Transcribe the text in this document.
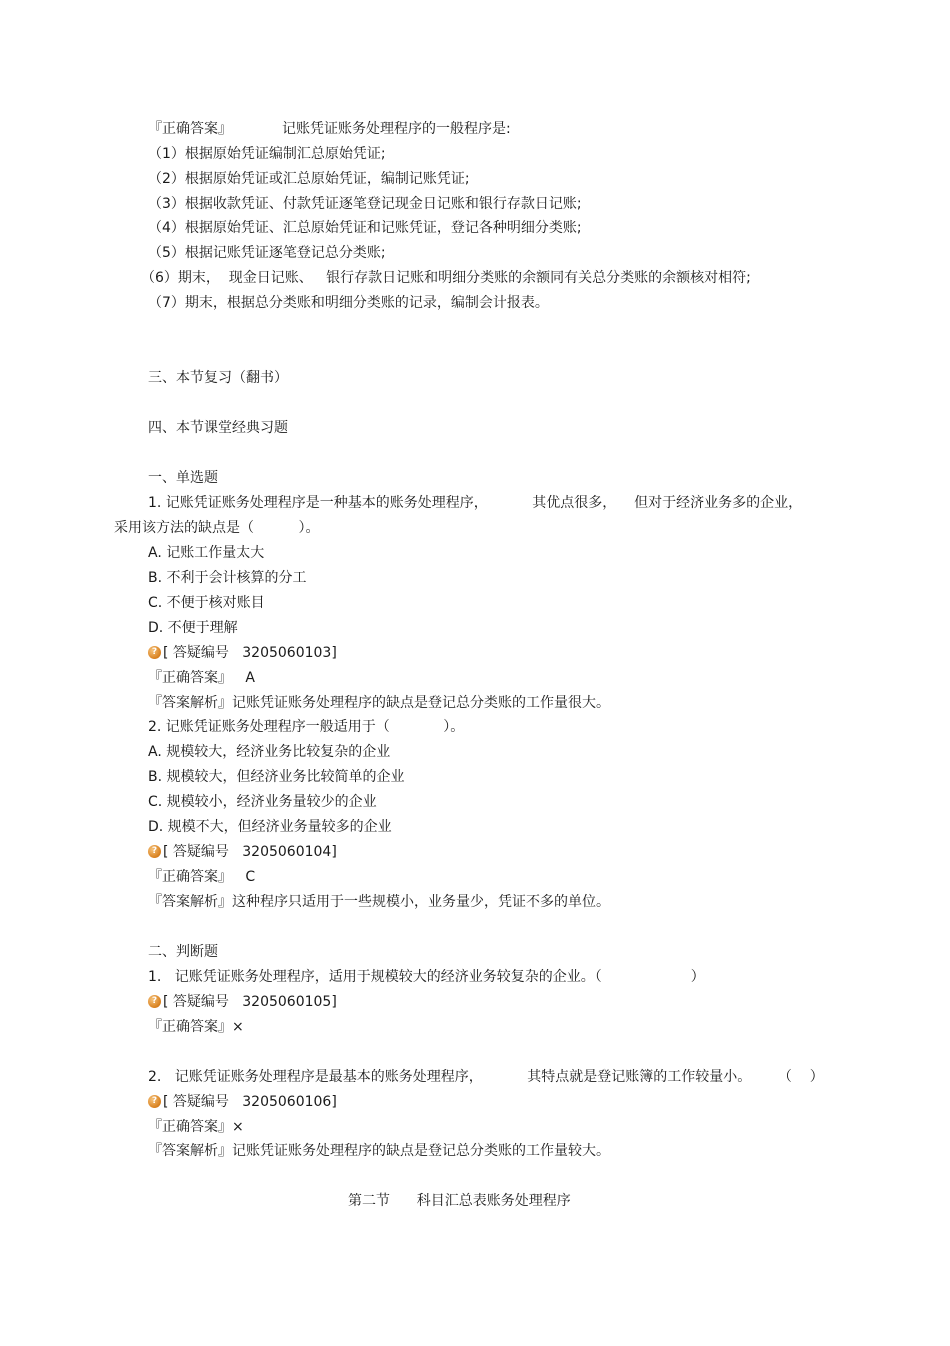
『正确答案』	记账凭证账务处理程序的一般程序是:
（1）根据原始凭证编制汇总原始凭证;
（2）根据原始凭证或汇总原始凭证，编制记账凭证;
（3）根据收款凭证、付款凭证逐笔登记现金日记账和银行存款日记账;
（4）根据原始凭证、汇总原始凭证和记账凭证，登记各种明细分类账;
（5）根据记账凭证逐笔登记总分类账;
（6）期末，  现金日记账、   银行存款日记账和明细分类账的余额同有关总分类账的余额核对相符;
（7）期末，根据总分类账和明细分类账的记录，编制会计报表。
三、本节复习（翻书）
四、本节课堂经典习题
一、单选题
1. 记账凭证账务处理程序是一种基本的账务处理程序，          其优点很多，    但对于经济业务多的企业，
采用该方法的缺点是（          ）。
A. 记账工作量太大
B. 不利于会计核算的分工
C. 不便于核对账目
D. 不便于理解
? [ 答疑编号   3205060103]
『正确答案』   A
『答案解析』记账凭证账务处理程序的缺点是登记总分类账的工作量很大。
2. 记账凭证账务处理程序一般适用于（            ）。
A. 规模较大，经济业务比较复杂的企业
B. 规模较大，但经济业务比较简单的企业
C. 规模较小，经济业务量较少的企业
D. 规模不大，但经济业务量较多的企业
? [ 答疑编号   3205060104]
『正确答案』   C
『答案解析』这种程序只适用于一些规模小，业务量少，凭证不多的单位。
二、判断题
1.   记账凭证账务处理程序，适用于规模较大的经济业务较复杂的企业。（                    ）
? [ 答疑编号   3205060105]
『正确答案』×
2.   记账凭证账务处理程序是最基本的账务处理程序，          其特点就是登记账簿的工作较量小。      （    ）
? [ 答疑编号   3205060106]
『正确答案』×
『答案解析』记账凭证账务处理程序的缺点是登记总分类账的工作量较大。
第二节      科目汇总表账务处理程序
